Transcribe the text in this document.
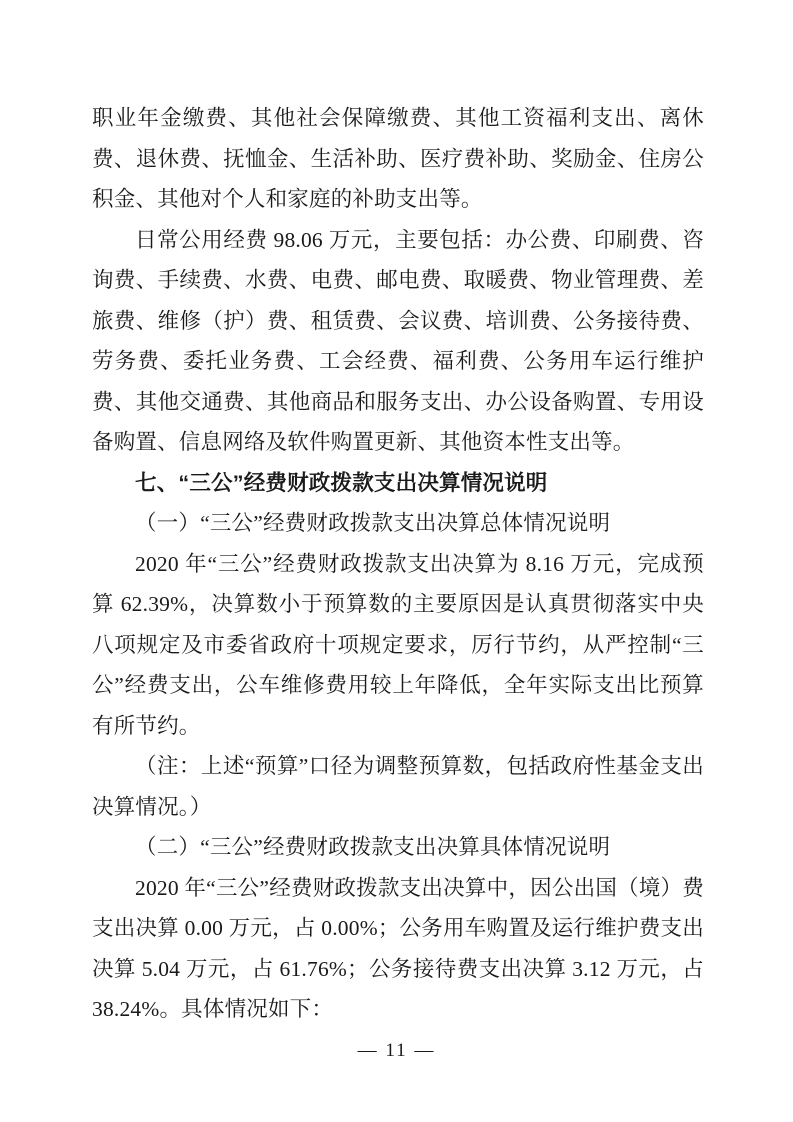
职业年金缴费、其他社会保障缴费、其他工资福利支出、离休费、退休费、抚恤金、生活补助、医疗费补助、奖励金、住房公积金、其他对个人和家庭的补助支出等。

日常公用经费 98.06 万元，主要包括：办公费、印刷费、咨询费、手续费、水费、电费、邮电费、取暖费、物业管理费、差旅费、维修（护）费、租赁费、会议费、培训费、公务接待费、劳务费、委托业务费、工会经费、福利费、公务用车运行维护费、其他交通费、其他商品和服务支出、办公设备购置、专用设备购置、信息网络及软件购置更新、其他资本性支出等。

七、“三公”经费财政拨款支出决算情况说明

（一）“三公”经费财政拨款支出决算总体情况说明

2020 年“三公”经费财政拨款支出决算为 8.16 万元，完成预算 62.39%，决算数小于预算数的主要原因是认真贯彻落实中央八项规定及市委省政府十项规定要求，厉行节约，从严控制“三公”经费支出，公车维修费用较上年降低，全年实际支出比预算有所节约。

（注：上述“预算”口径为调整预算数，包括政府性基金支出决算情况。）

（二）“三公”经费财政拨款支出决算具体情况说明

2020 年“三公”经费财政拨款支出决算中，因公出国（境）费支出决算 0.00 万元，占 0.00%；公务用车购置及运行维护费支出决算 5.04 万元，占 61.76%；公务接待费支出决算 3.12 万元，占 38.24%。具体情况如下：

— 11 —
